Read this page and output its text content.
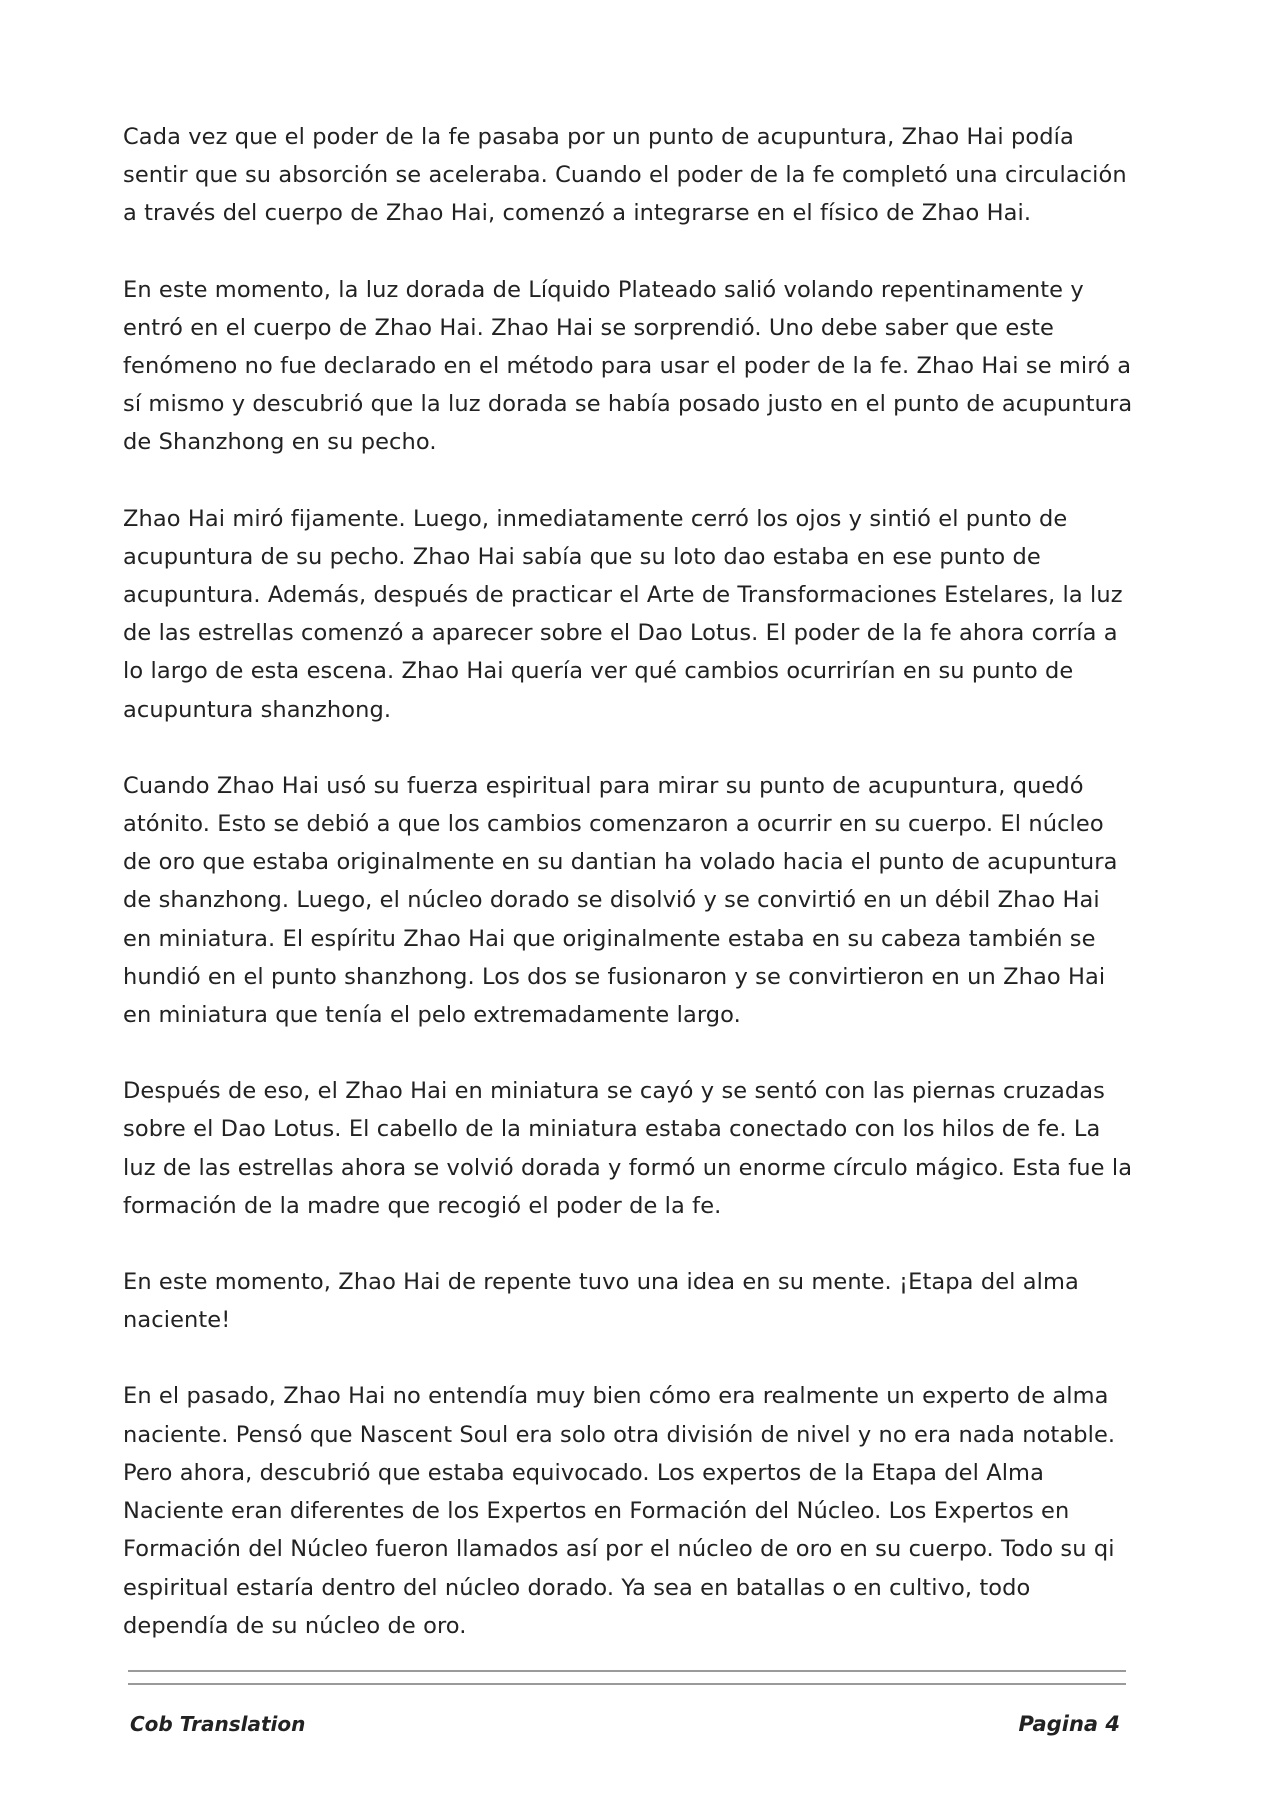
Cada vez que el poder de la fe pasaba por un punto de acupuntura, Zhao Hai podía sentir que su absorción se aceleraba. Cuando el poder de la fe completó una circulación a través del cuerpo de Zhao Hai, comenzó a integrarse en el físico de Zhao Hai.

En este momento, la luz dorada de Líquido Plateado salió volando repentinamente y entró en el cuerpo de Zhao Hai. Zhao Hai se sorprendió. Uno debe saber que este fenómeno no fue declarado en el método para usar el poder de la fe. Zhao Hai se miró a sí mismo y descubrió que la luz dorada se había posado justo en el punto de acupuntura de Shanzhong en su pecho.

Zhao Hai miró fijamente. Luego, inmediatamente cerró los ojos y sintió el punto de acupuntura de su pecho. Zhao Hai sabía que su loto dao estaba en ese punto de acupuntura. Además, después de practicar el Arte de Transformaciones Estelares, la luz de las estrellas comenzó a aparecer sobre el Dao Lotus. El poder de la fe ahora corría a lo largo de esta escena. Zhao Hai quería ver qué cambios ocurrirían en su punto de acupuntura shanzhong.

Cuando Zhao Hai usó su fuerza espiritual para mirar su punto de acupuntura, quedó atónito. Esto se debió a que los cambios comenzaron a ocurrir en su cuerpo. El núcleo de oro que estaba originalmente en su dantian ha volado hacia el punto de acupuntura de shanzhong. Luego, el núcleo dorado se disolvió y se convirtió en un débil Zhao Hai en miniatura. El espíritu Zhao Hai que originalmente estaba en su cabeza también se hundió en el punto shanzhong. Los dos se fusionaron y se convirtieron en un Zhao Hai en miniatura que tenía el pelo extremadamente largo.

Después de eso, el Zhao Hai en miniatura se cayó y se sentó con las piernas cruzadas sobre el Dao Lotus. El cabello de la miniatura estaba conectado con los hilos de fe. La luz de las estrellas ahora se volvió dorada y formó un enorme círculo mágico. Esta fue la formación de la madre que recogió el poder de la fe.

En este momento, Zhao Hai de repente tuvo una idea en su mente. ¡Etapa del alma naciente!

En el pasado, Zhao Hai no entendía muy bien cómo era realmente un experto de alma naciente. Pensó que Nascent Soul era solo otra división de nivel y no era nada notable. Pero ahora, descubrió que estaba equivocado. Los expertos de la Etapa del Alma Naciente eran diferentes de los Expertos en Formación del Núcleo. Los Expertos en Formación del Núcleo fueron llamados así por el núcleo de oro en su cuerpo. Todo su qi espiritual estaría dentro del núcleo dorado. Ya sea en batallas o en cultivo, todo dependía de su núcleo de oro.

Cob Translation	Pagina 4
